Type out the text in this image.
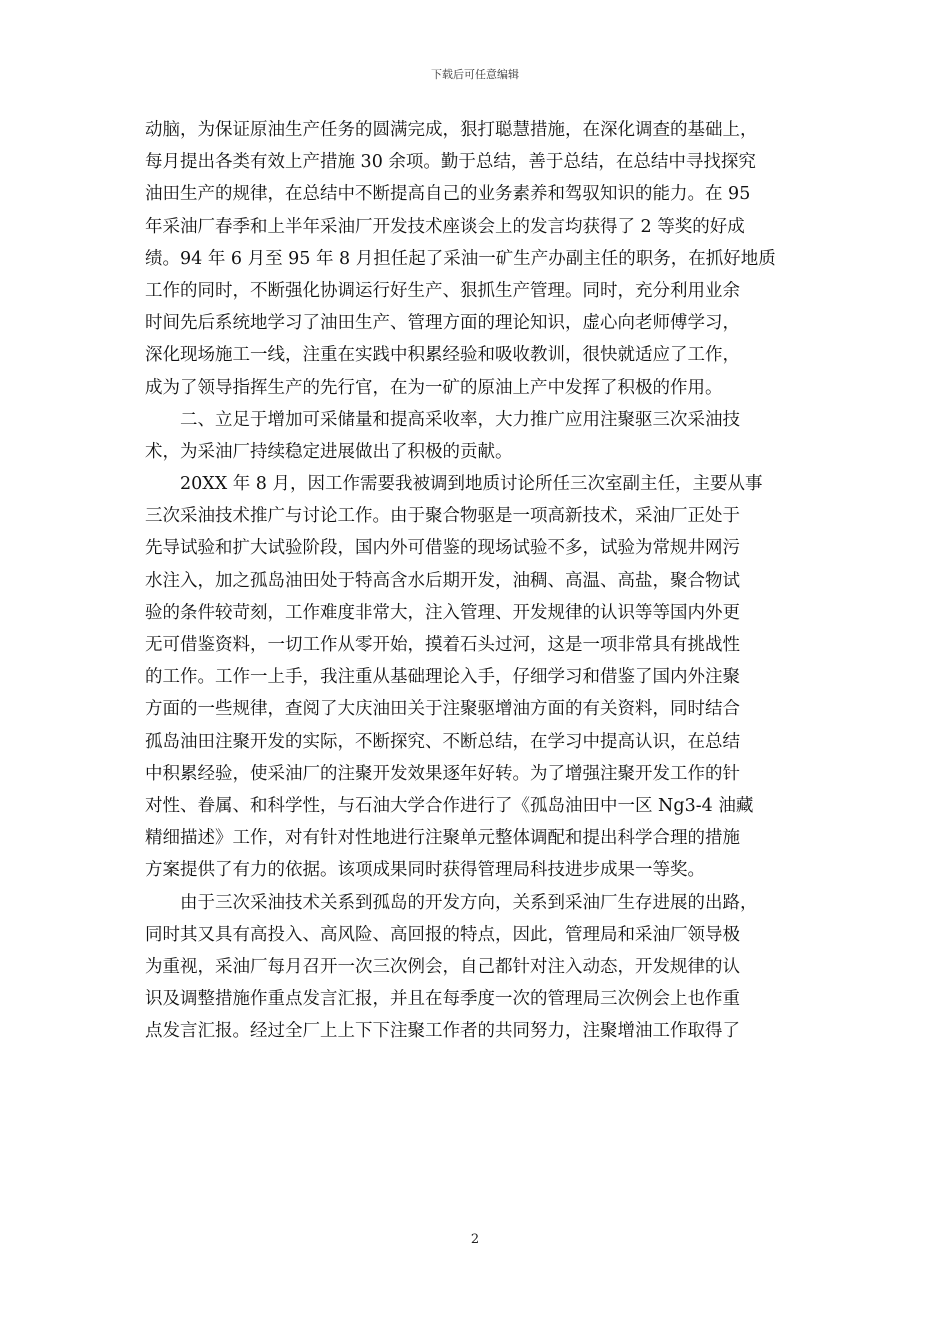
下载后可任意编辑
动脑，为保证原油生产任务的圆满完成，狠打聪慧措施，在深化调查的基础上，
每月提出各类有效上产措施 30 余项。勤于总结，善于总结，在总结中寻找探究
油田生产的规律，在总结中不断提高自己的业务素养和驾驭知识的能力。在 95
年采油厂春季和上半年采油厂开发技术座谈会上的发言均获得了 2 等奖的好成
绩。94 年 6 月至 95 年 8 月担任起了采油一矿生产办副主任的职务，在抓好地质
工作的同时，不断强化协调运行好生产、狠抓生产管理。同时，充分利用业余
时间先后系统地学习了油田生产、管理方面的理论知识，虚心向老师傅学习，
深化现场施工一线，注重在实践中积累经验和吸收教训，很快就适应了工作，
成为了领导指挥生产的先行官，在为一矿的原油上产中发挥了积极的作用。
　　二、立足于增加可采储量和提高采收率，大力推广应用注聚驱三次采油技
术，为采油厂持续稳定进展做出了积极的贡献。
　　20XX 年 8 月，因工作需要我被调到地质讨论所任三次室副主任，主要从事
三次采油技术推广与讨论工作。由于聚合物驱是一项高新技术，采油厂正处于
先导试验和扩大试验阶段，国内外可借鉴的现场试验不多，试验为常规井网污
水注入，加之孤岛油田处于特高含水后期开发，油稠、高温、高盐，聚合物试
验的条件较苛刻，工作难度非常大，注入管理、开发规律的认识等等国内外更
无可借鉴资料，一切工作从零开始，摸着石头过河，这是一项非常具有挑战性
的工作。工作一上手，我注重从基础理论入手，仔细学习和借鉴了国内外注聚
方面的一些规律，查阅了大庆油田关于注聚驱增油方面的有关资料，同时结合
孤岛油田注聚开发的实际，不断探究、不断总结，在学习中提高认识，在总结
中积累经验，使采油厂的注聚开发效果逐年好转。为了增强注聚开发工作的针
对性、眷属、和科学性，与石油大学合作进行了《孤岛油田中一区 Ng3-4 油藏
精细描述》工作，对有针对性地进行注聚单元整体调配和提出科学合理的措施
方案提供了有力的依据。该项成果同时获得管理局科技进步成果一等奖。
　　由于三次采油技术关系到孤岛的开发方向，关系到采油厂生存进展的出路，
同时其又具有高投入、高风险、高回报的特点，因此，管理局和采油厂领导极
为重视，采油厂每月召开一次三次例会，自己都针对注入动态，开发规律的认
识及调整措施作重点发言汇报，并且在每季度一次的管理局三次例会上也作重
点发言汇报。经过全厂上上下下注聚工作者的共同努力，注聚增油工作取得了
2
